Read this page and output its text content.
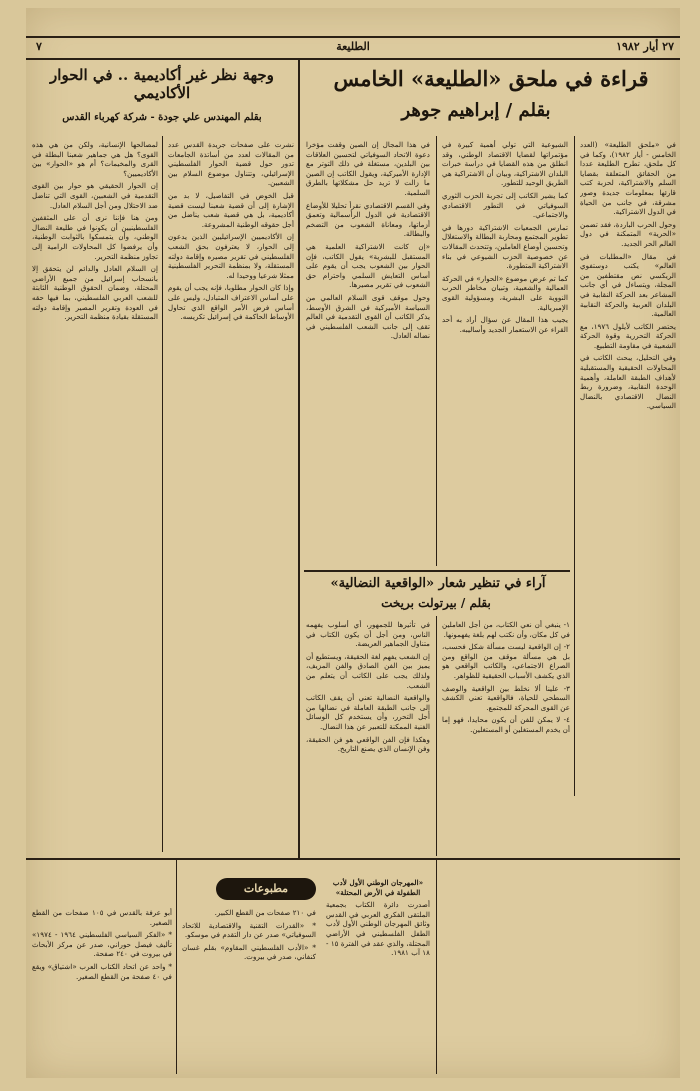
٢٧ أيار ١٩٨٢
الطليعة
٧
قراءة في ملحق «الطليعة» الخامس
بقلم / إبراهيم جوهر

في «ملحق الطليعة» (العدد الخامس - أيار ١٩٨٢)، وكما في كل ملحق، تطرح الطليعة عددا من الحقائق المتعلقة بقضايا السلم والاشتراكية، لحزبة كتب قارئها بمعلومات جديدة وصور مشرقة، في جانب من الحياة في الدول الاشتراكية.

وحول الحرب الباردة، فقد تضمن «الحرية» المتمكنة في دول العالم الحر الجديد.

في مقال «المطلبات في العالم» يكتب دوستفوي الريكسي نص مقتطفين من المجلة، ويتساءل في أي جانب المشاعر بعد الحركة النقابية في البلدان العربية والحركة النقابية العالمية.

يحتضر الكاتب لأيلول ١٩٧٦، مع الحركة التحررية وقوة الحركة الشعبية في مقاومة التطبيع.

وفي التحليل، يبحث الكاتب في المحاولات الحقيقية والمستقبلية لأهداف الطبقة العاملة، وأهمية الوحدة النقابية، وضرورة ربط النضال الاقتصادي بالنضال السياسي.

الشيوعية التي تولي أهمية كبيرة في مؤتمراتها لقضايا الاقتصاد الوطني، وقد انطلق من هذه القضايا في دراسة خبرات البلدان الاشتراكية، وبيان أن الاشتراكية هي الطريق الوحيد للتطور.

كما يشير الكاتب إلى تجربة الحزب الثوري السوفياتي في التطور الاقتصادي والاجتماعي.

تمارس الجمعيات الاشتراكية دورها في تطوير المجتمع ومحاربة البطالة والاستغلال وتحسين أوضاع العاملين، وتتحدث المقالات عن خصوصية الحزب الشيوعي في بناء الاشتراكية المتطورة.

كما تم عرض موضوع «الحوار» في الحركة العمالية والشعبية، وتبيان مخاطر الحرب النووية على البشرية، ومسؤولية القوى الإمبريالية.

يجيب هذا المقال عن سؤال أراد به أحد القراء عن الاستعمار الجديد وأساليبه.

في هذا المجال إن الصين وقفت مؤخرا دعوة الاتحاد السوفياتي لتحسين العلاقات بين البلدين، مستغلة في ذلك التوتر مع الإدارة الأميركية، ويقول الكاتب إن الصين ما زالت لا تريد حل مشكلاتها بالطرق السلمية.

وفي القسم الاقتصادي نقرأ تحليلا للأوضاع الاقتصادية في الدول الرأسمالية وتعمق أزماتها، ومعاناة الشعوب من التضخم والبطالة.

«إن كانت الاشتراكية العلمية هي المستقبل للبشرية» يقول الكاتب، فإن الحوار بين الشعوب يجب أن يقوم على أساس التعايش السلمي واحترام حق الشعوب في تقرير مصيرها.

وحول موقف قوى السلام العالمي من السياسة الأميركية في الشرق الأوسط، يذكر الكاتب أن القوى التقدمية في العالم تقف إلى جانب الشعب الفلسطيني في نضاله العادل.

آراء في تنظير شعار «الواقعية النضالية»
بقلم / بيرتولت بريخت

١- ينبغي أن نعي الكتاب، من أجل العاملين في كل مكان، وأن نكتب لهم بلغة يفهمونها.

٢- إن الواقعية ليست مسألة شكل فحسب، بل هي مسألة موقف من الواقع ومن الصراع الاجتماعي، والكاتب الواقعي هو الذي يكشف الأسباب الحقيقية للظواهر.

٣- علينا ألا نخلط بين الواقعية والوصف السطحي للحياة، فالواقعية تعني الكشف عن القوى المحركة للمجتمع.

٤- لا يمكن للفن أن يكون محايدا، فهو إما أن يخدم المستغلين أو المستغلين.

في تأثيرها للجمهور، أي أسلوب يفهمه الناس، ومن أجل أن يكون الكتاب في متناول الجماهير العريضة.

إن الشعب يفهم لغة الحقيقة، ويستطيع أن يميز بين الفن الصادق والفن المزيف، ولذلك يجب على الكاتب أن يتعلم من الشعب.

والواقعية النضالية تعني أن يقف الكاتب إلى جانب الطبقة العاملة في نضالها من أجل التحرر، وأن يستخدم كل الوسائل الفنية الممكنة للتعبير عن هذا النضال.

وهكذا فإن الفن الواقعي هو فن الحقيقة، وفن الإنسان الذي يصنع التاريخ.

وجهة نظر غير أكاديمية .. في الحوار الأكاديمي
بقلم المهندس علي جودة - شركة كهرباء القدس

نشرت على صفحات جريدة القدس عدد من المقالات لعدد من أساتذة الجامعات تدور حول قضية الحوار الفلسطيني الإسرائيلي، وتتناول موضوع السلام بين الشعبين.

قبل الخوض في التفاصيل، لا بد من الإشارة إلى أن قضية شعبنا ليست قضية أكاديمية، بل هي قضية شعب يناضل من أجل حقوقه الوطنية المشروعة.

إن الأكاديميين الإسرائيليين الذين يدعون إلى الحوار، لا يعترفون بحق الشعب الفلسطيني في تقرير مصيره وإقامة دولته المستقلة، ولا بمنظمة التحرير الفلسطينية ممثلا شرعيا ووحيدا له.

وإذا كان الحوار مطلوبا، فإنه يجب أن يقوم على أساس الاعتراف المتبادل، وليس على أساس فرض الأمر الواقع الذي تحاول الأوساط الحاكمة في إسرائيل تكريسه.

لمصالحها الإنسانية، ولكن من هي هذه القوى؟ هل هي جماهير شعبنا البطلة في القرى والمخيمات؟ أم هو «الحوار» بين الأكاديميين؟

إن الحوار الحقيقي هو حوار بين القوى التقدمية في الشعبين، القوى التي تناضل ضد الاحتلال ومن أجل السلام العادل.

ومن هنا فإننا نرى أن على المثقفين الفلسطينيين أن يكونوا في طليعة النضال الوطني، وأن يتمسكوا بالثوابت الوطنية، وأن يرفضوا كل المحاولات الرامية إلى تجاوز منظمة التحرير.

إن السلام العادل والدائم لن يتحقق إلا بانسحاب إسرائيل من جميع الأراضي المحتلة، وضمان الحقوق الوطنية الثابتة للشعب العربي الفلسطيني، بما فيها حقه في العودة وتقرير المصير وإقامة دولته المستقلة بقيادة منظمة التحرير.

مطبوعات

أبو عرفة بالقدس في ١٠٥ صفحات من القطع الصغير.

* «الفكر السياسي الفلسطيني ١٩٦٤ - ١٩٧٤» تأليف فيصل حوراني، صدر عن مركز الأبحاث في بيروت في ٢٤٠ صفحة.

* واحد عن اتحاد الكتاب العرب «اشتياق» ويقع في ٤٠ صفحة من القطع الصغير.

في ٢١٠ صفحات من القطع الكبير.

* «القدرات التقنية والاقتصادية للاتحاد السوفياتي» صدر عن دار التقدم في موسكو.

* «الأدب الفلسطيني المقاوم» بقلم غسان كنفاني، صدر في بيروت.

«المهرجان الوطني الأول لأدب الطفولة في الأرض المحتلة»

أصدرت دائرة الكتاب بجمعية الملتقى الفكري العربي في القدس وثائق المهرجان الوطني الأول لأدب الطفل الفلسطيني في الأراضي المحتلة، والذي عقد في الفترة ١٥ - ١٨ آب ١٩٨١.
